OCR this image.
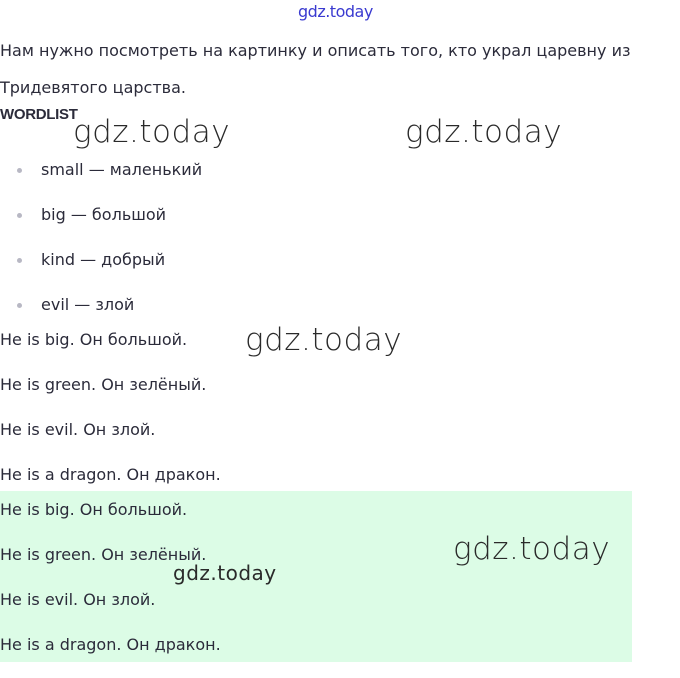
gdz.today

Нам нужно посмотреть на картинку и описать того, кто украл царевну из Тридевятого царства.

WORDLIST
small — маленький
big — большой
kind — добрый
evil — злой
He is big. Он большой.
He is green. Он зелёный.
He is evil. Он злой.
He is a dragon. Он дракон.
He is big. Он большой.
He is green. Он зелёный.
He is evil. Он злой.
He is a dragon. Он дракон.
gdz.today	gdz.today
gdz.today
gdz.today
gdz.today
